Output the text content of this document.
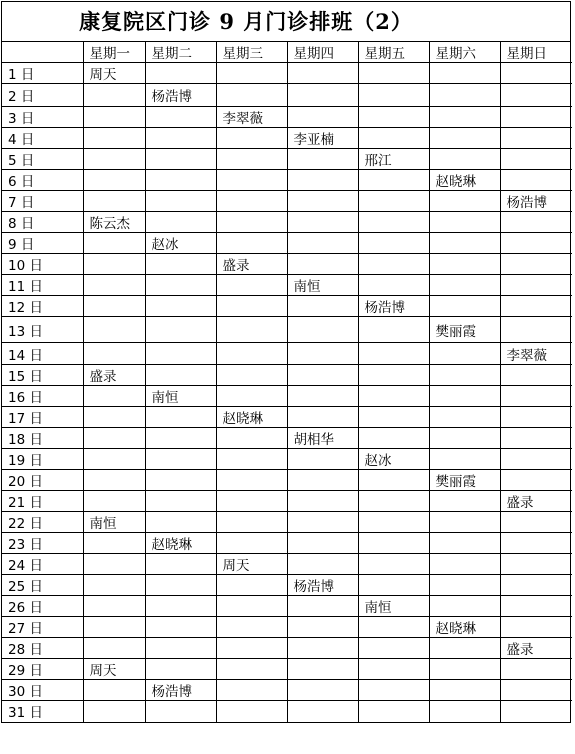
康复院区门诊 9 月门诊排班（2）
	星期一	星期二	星期三	星期四	星期五	星期六	星期日
1 日	周天						
2 日		杨浩博					
3 日			李翠薇				
4 日				李亚楠			
5 日					邢江		
6 日						赵晓琳	
7 日							杨浩博
8 日	陈云杰						
9 日		赵冰					
10 日			盛录				
11 日				南恒			
12 日					杨浩博		
13 日						樊丽霞	
14 日							李翠薇
15 日	盛录						
16 日		南恒					
17 日			赵晓琳				
18 日				胡相华			
19 日					赵冰		
20 日						樊丽霞	
21 日							盛录
22 日	南恒						
23 日		赵晓琳					
24 日			周天				
25 日				杨浩博			
26 日					南恒		
27 日						赵晓琳	
28 日							盛录
29 日	周天						
30 日		杨浩博					
31 日							
